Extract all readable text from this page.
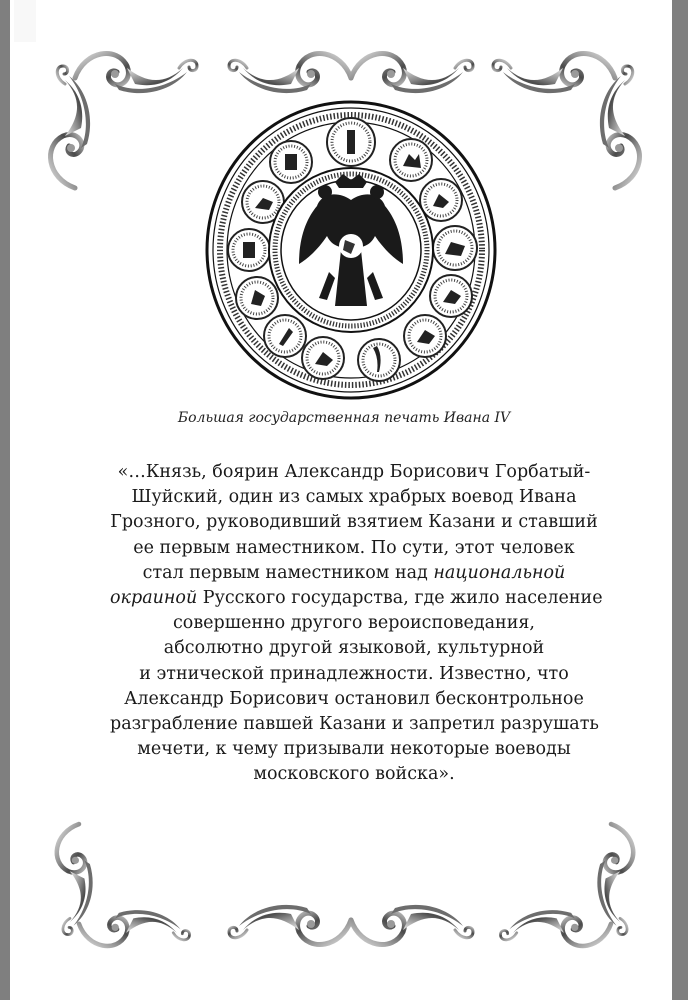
Большая государственная печать Ивана IV
«…Князь, боярин Александр Борисович Горбатый-
Шуйский, один из самых храбрых воевод Ивана
Грозного, руководивший взятием Казани и ставший
ее первым наместником. По сути, этот человек
стал первым наместником над национальной
окраиной Русского государства, где жило население
совершенно другого вероисповедания,
абсолютно другой языковой, культурной
и этнической принадлежности. Известно, что
Александр Борисович остановил бесконтрольное
разграбление павшей Казани и запретил разрушать
мечети, к чему призывали некоторые воеводы
московского войска».
